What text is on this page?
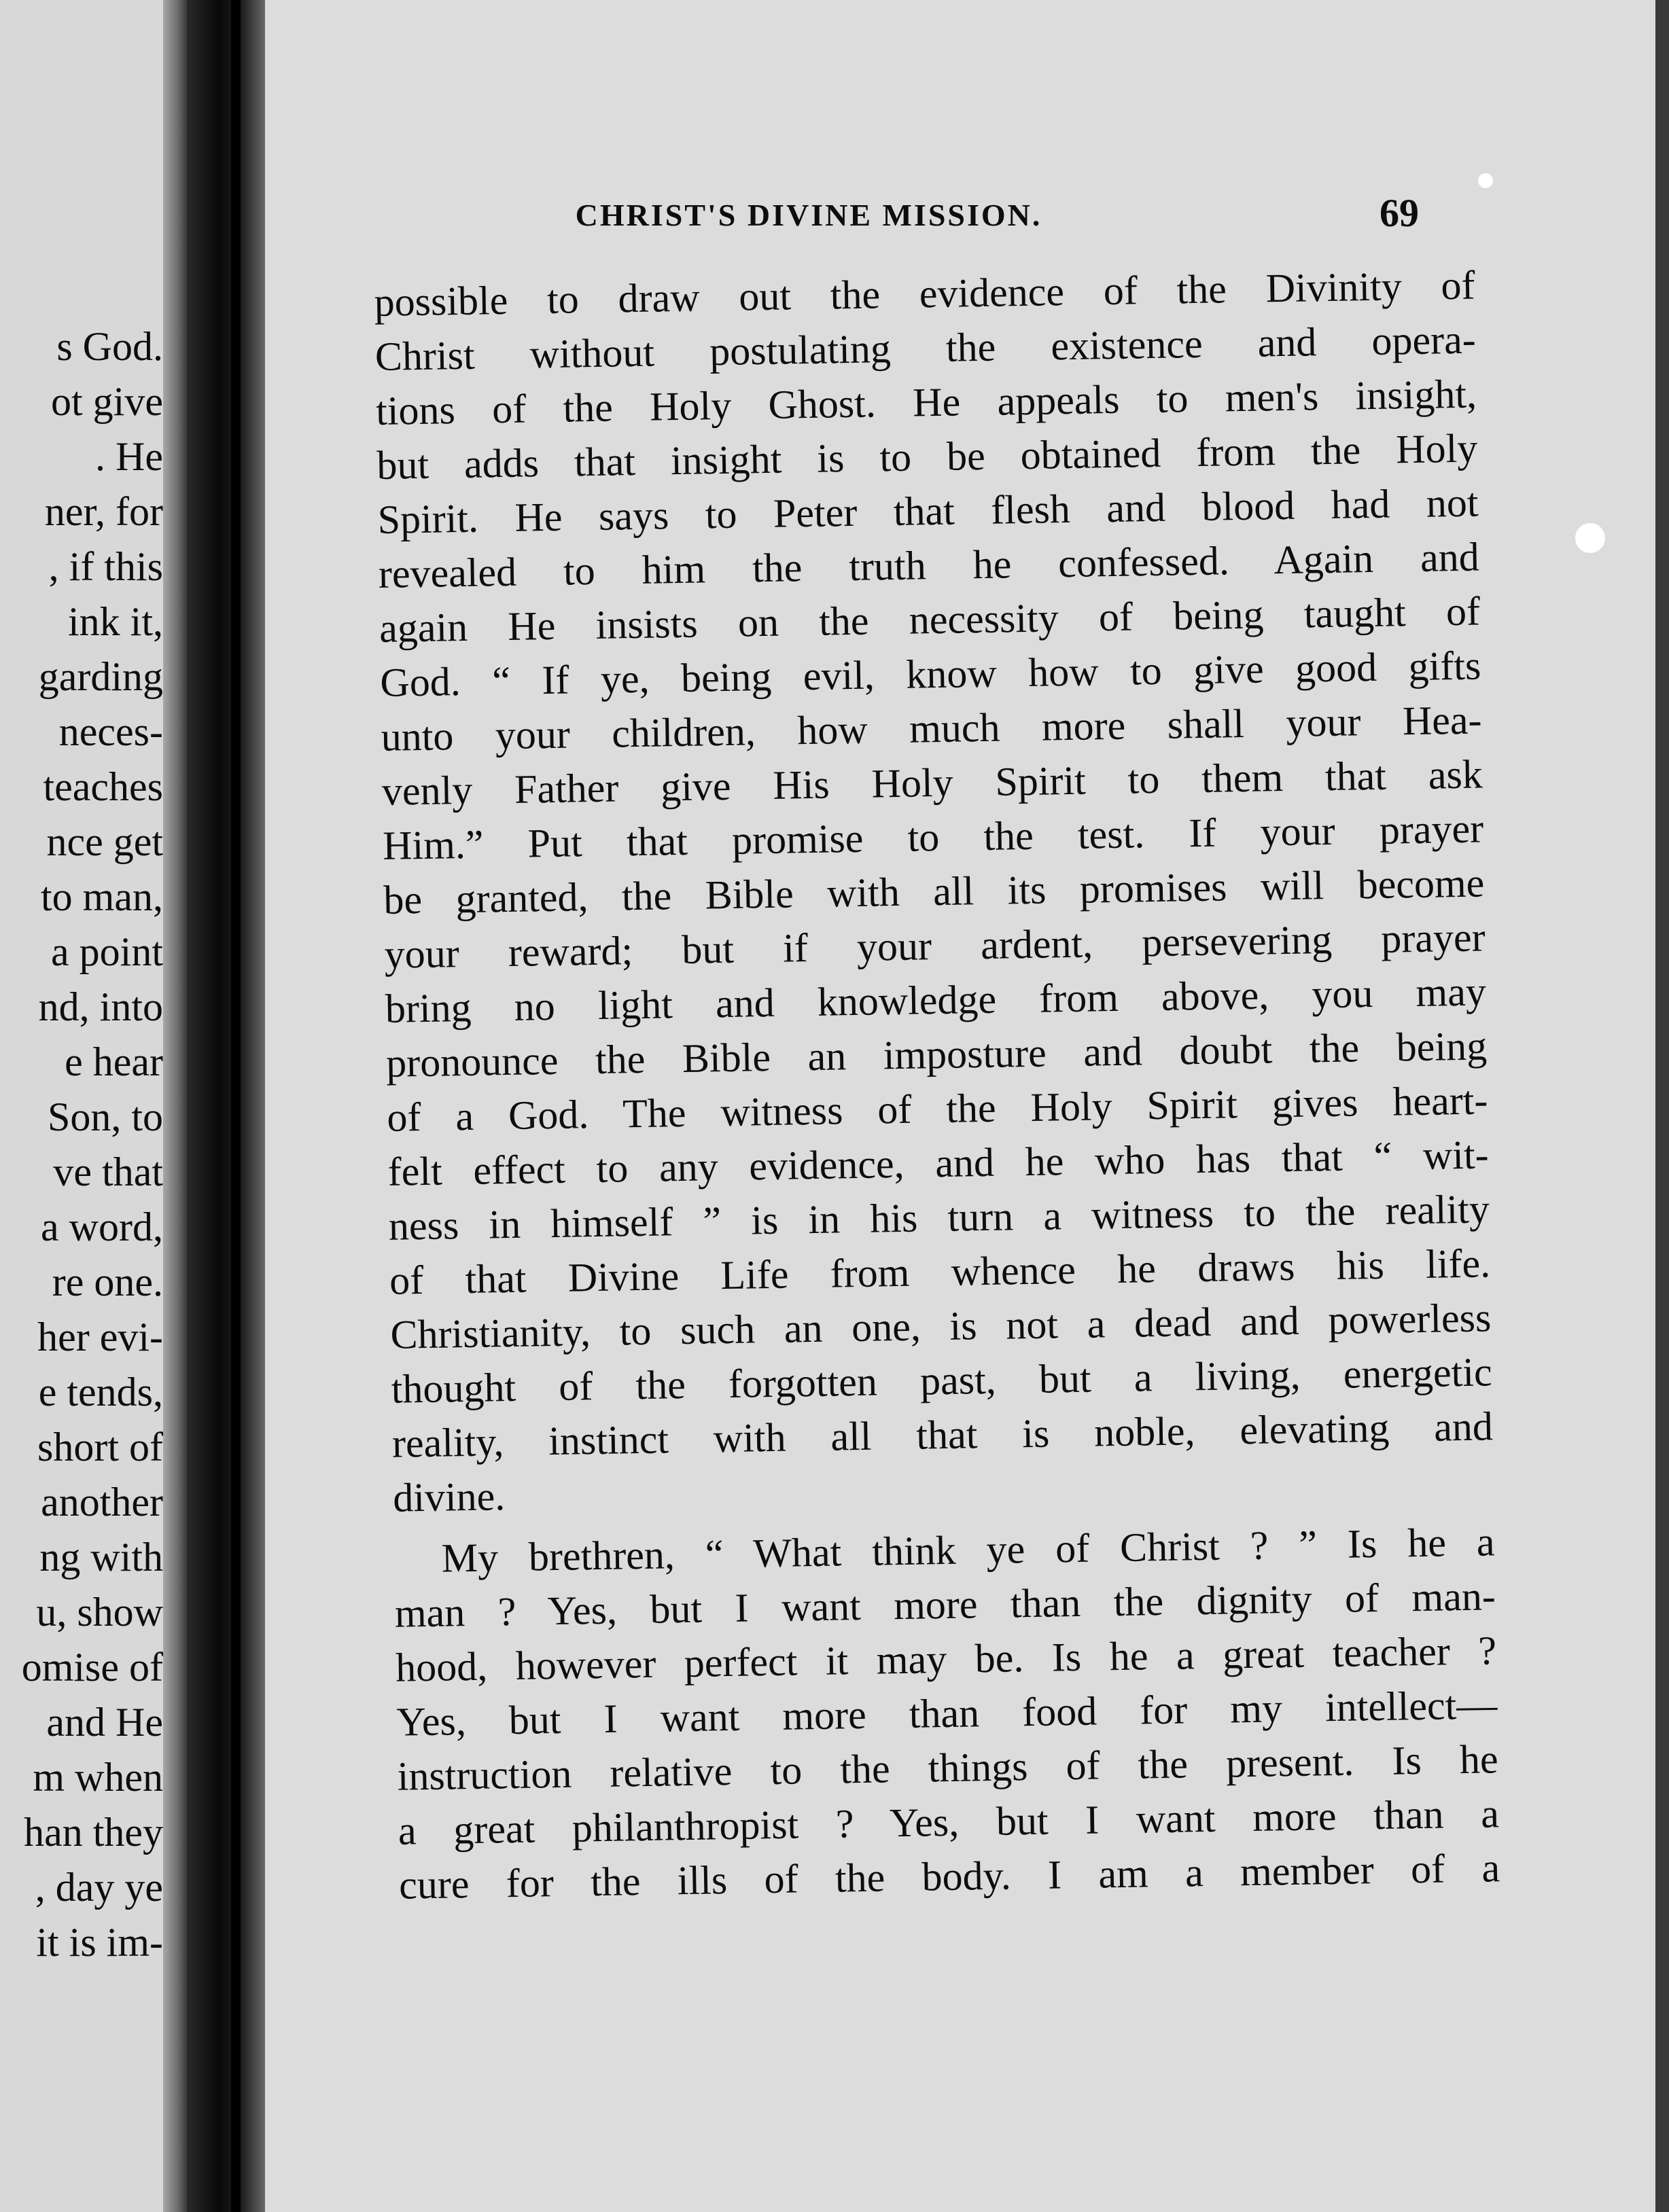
s God.
ot give
. He
ner, for
, if this
ink it,
garding
neces-
teaches
nce get
to man,
a point
nd, into
e hear
Son, to
ve that
a word,
re one.
her evi-
e tends,
short of
another
ng with
u, show
omise of
and He
m when
han they
, day ye
it is im-
CHRIST'S DIVINE MISSION.	69
possible to draw out the evidence of the Divinity of
Christ without postulating the existence and opera-
tions of the Holy Ghost. He appeals to men's insight,
but adds that insight is to be obtained from the Holy
Spirit. He says to Peter that flesh and blood had not
revealed to him the truth he confessed. Again and
again He insists on the necessity of being taught of
God. “ If ye, being evil, know how to give good gifts
unto your children, how much more shall your Hea-
venly Father give His Holy Spirit to them that ask
Him.” Put that promise to the test. If your prayer
be granted, the Bible with all its promises will become
your reward; but if your ardent, persevering prayer
bring no light and knowledge from above, you may
pronounce the Bible an imposture and doubt the being
of a God. The witness of the Holy Spirit gives heart-
felt effect to any evidence, and he who has that “ wit-
ness in himself ” is in his turn a witness to the reality
of that Divine Life from whence he draws his life.
Christianity, to such an one, is not a dead and powerless
thought of the forgotten past, but a living, energetic
reality, instinct with all that is noble, elevating and
divine.
My brethren, “ What think ye of Christ ? ” Is he a
man ? Yes, but I want more than the dignity of man-
hood, however perfect it may be. Is he a great teacher ?
Yes, but I want more than food for my intellect—
instruction relative to the things of the present. Is he
a great philanthropist ? Yes, but I want more than a
cure for the ills of the body. I am a member of a
